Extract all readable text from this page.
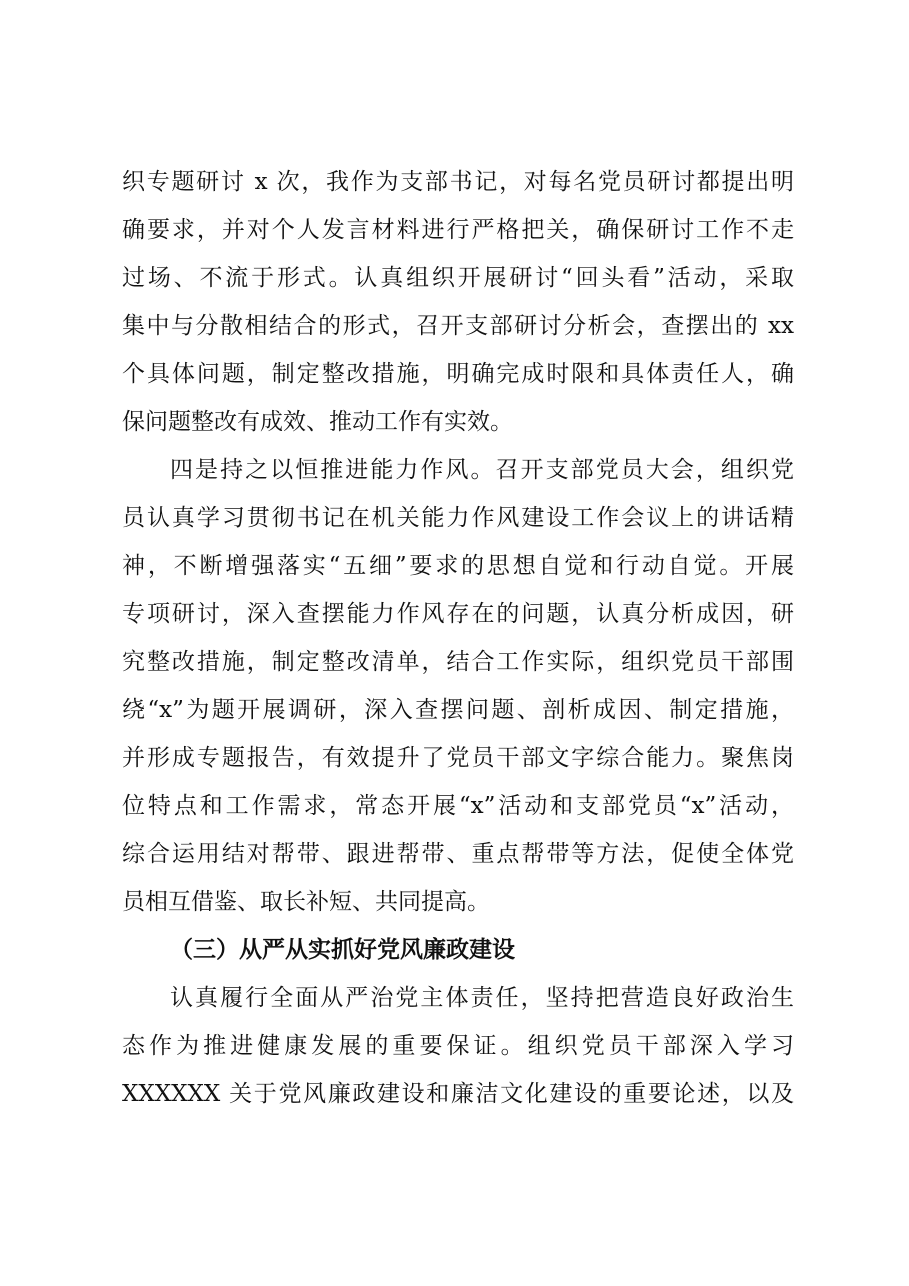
织专题研讨 x 次，我作为支部书记，对每名党员研讨都提出明
确要求，并对个人发言材料进行严格把关，确保研讨工作不走
过场、不流于形式。认真组织开展研讨“回头看”活动，采取
集中与分散相结合的形式，召开支部研讨分析会，查摆出的 xx
个具体问题，制定整改措施，明确完成时限和具体责任人，确
保问题整改有成效、推动工作有实效。
四是持之以恒推进能力作风。召开支部党员大会，组织党
员认真学习贯彻书记在机关能力作风建设工作会议上的讲话精
神，不断增强落实“五细”要求的思想自觉和行动自觉。开展
专项研讨，深入查摆能力作风存在的问题，认真分析成因，研
究整改措施，制定整改清单，结合工作实际，组织党员干部围
绕“x”为题开展调研，深入查摆问题、剖析成因、制定措施，
并形成专题报告，有效提升了党员干部文字综合能力。聚焦岗
位特点和工作需求，常态开展“x”活动和支部党员“x”活动，
综合运用结对帮带、跟进帮带、重点帮带等方法，促使全体党
员相互借鉴、取长补短、共同提高。
（三）从严从实抓好党风廉政建设
认真履行全面从严治党主体责任，坚持把营造良好政治生
态作为推进健康发展的重要保证。组织党员干部深入学习
XXXXXX 关于党风廉政建设和廉洁文化建设的重要论述，以及
